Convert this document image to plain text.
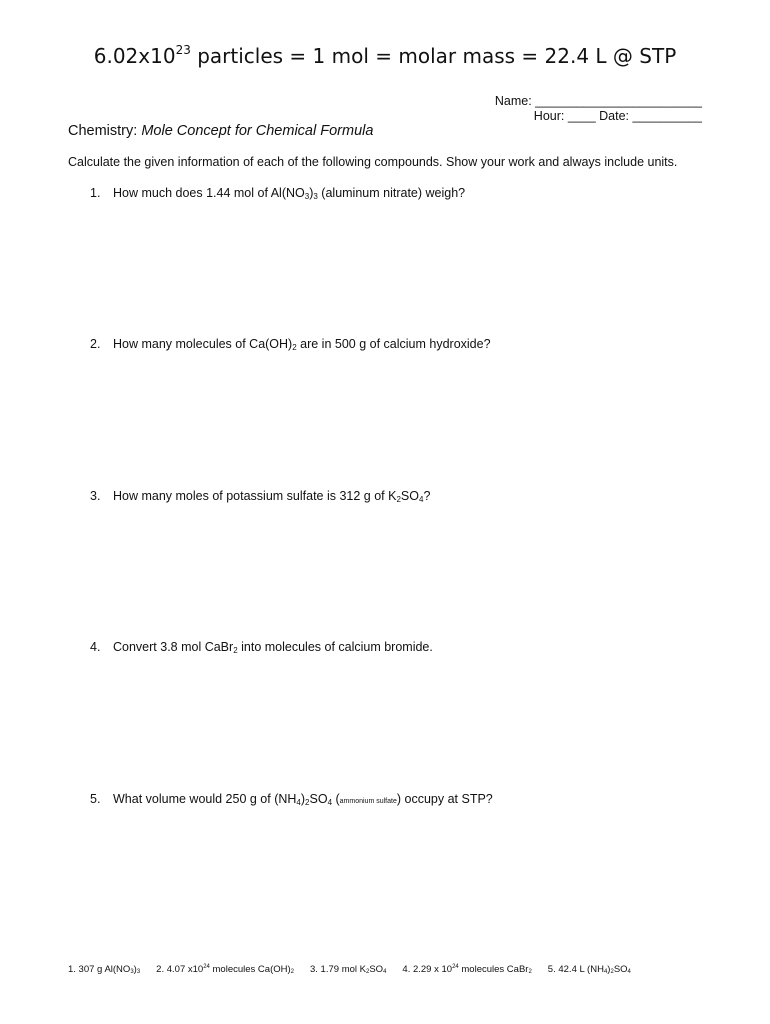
$6.02x10^{23}$ particles = 1 mol = molar mass = 22.4 L @ STP
Name: ________________________
Hour: ____ Date: __________
Chemistry: Mole Concept for Chemical Formula
Calculate the given information of each of the following compounds. Show your work and always include units.
1. How much does 1.44 mol of $Al(NO_3)_3$ (aluminum nitrate) weigh?
2. How many molecules of $Ca(OH)_2$ are in 500 g of calcium hydroxide?
3. How many moles of potassium sulfate is 312 g of $K_2SO_4$?
4. Convert 3.8 mol CaBr$_2$ into molecules of calcium bromide.
5. What volume would 250 g of $(NH_4)_2SO_4$ (ammonium sulfate) occupy at STP?
1. 307 g $Al(NO_3)_3$ 2. 4.07 $x10^{24}$ molecules $Ca(OH)_2$ 3. 1.79 mol $K_2SO_4$ 4. 2.29 x $10^{24}$ molecules CaBr$_2$ 5. 42.4 L $(NH_4)_2SO_4$
